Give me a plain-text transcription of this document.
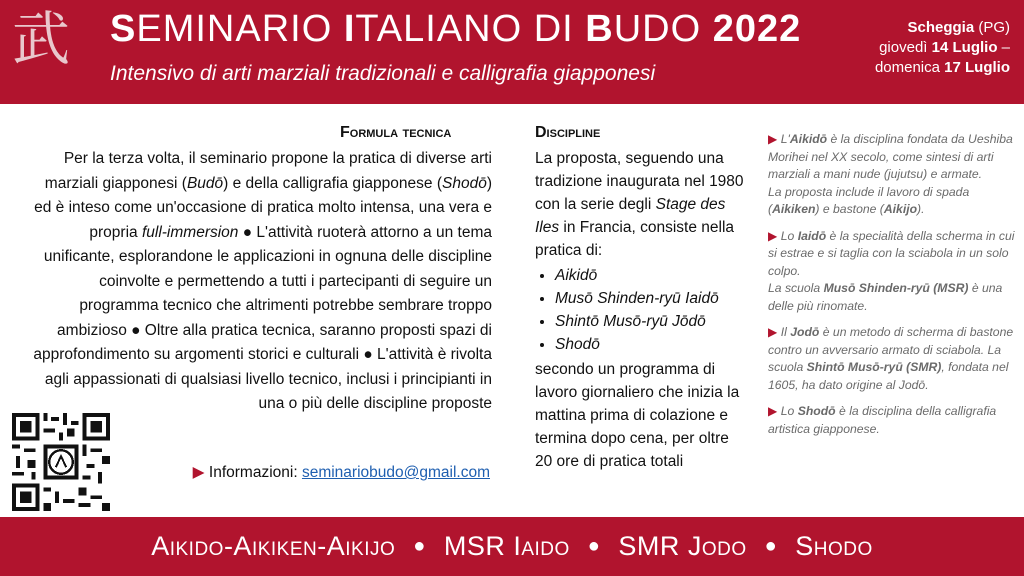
武 SEMINARIO ITALIANO DI BUDO 2022
Intensivo di arti marziali tradizionali e calligrafia giapponesi
Scheggia (PG)
giovedì 14 Luglio –
domenica 17 Luglio
Formula tecnica
Per la terza volta, il seminario propone la pratica di diverse arti marziali giapponesi (Budō) e della calligrafia giapponese (Shodō) ed è inteso come un'occasione di pratica molto intensa, una vera e propria full-immersion ● L'attività ruoterà attorno a un tema unificante, esplorandone le applicazioni in ognuna delle discipline coinvolte e permettendo a tutti i partecipanti di seguire un programma tecnico che altrimenti potrebbe sembrare troppo ambizioso ● Oltre alla pratica tecnica, saranno proposti spazi di approfondimento su argomenti storici e culturali ● L'attività è rivolta agli appassionati di qualsiasi livello tecnico, inclusi i principianti in una o più delle discipline proposte
▶ Informazioni: seminariobudo@gmail.com
Discipline
La proposta, seguendo una tradizione inaugurata nel 1980 con la serie degli Stage des Iles in Francia, consiste nella pratica di:
• Aikidō
• Musō Shinden-ryū Iaidō
• Shintō Musō-ryū Jōdō
• Shodō
secondo un programma di lavoro giornaliero che inizia la mattina prima di colazione e termina dopo cena, per oltre 20 ore di pratica totali

▶ L'Aikidō è la disciplina fondata da Ueshiba Morihei nel XX secolo, come sintesi di arti marziali a mani nude (jujutsu) e armate.
La proposta include il lavoro di spada (Aikiken) e bastone (Aikijo).

▶ Lo Iaidō è la specialità della scherma in cui si estrae e si taglia con la sciabola in un solo colpo.
La scuola Musō Shinden-ryū (MSR) è una delle più rinomate.

▶ Il Jodō è un metodo di scherma di bastone contro un avversario armato di sciabola. La scuola Shintō Musō-ryū (SMR), fondata nel 1605, ha dato origine al Jodō.

▶ Lo Shodō è la disciplina della calligrafia artistica giapponese.

Aikido-Aikiken-Aikijo ● MSR Iaido ● SMR Jodo ● Shodo
